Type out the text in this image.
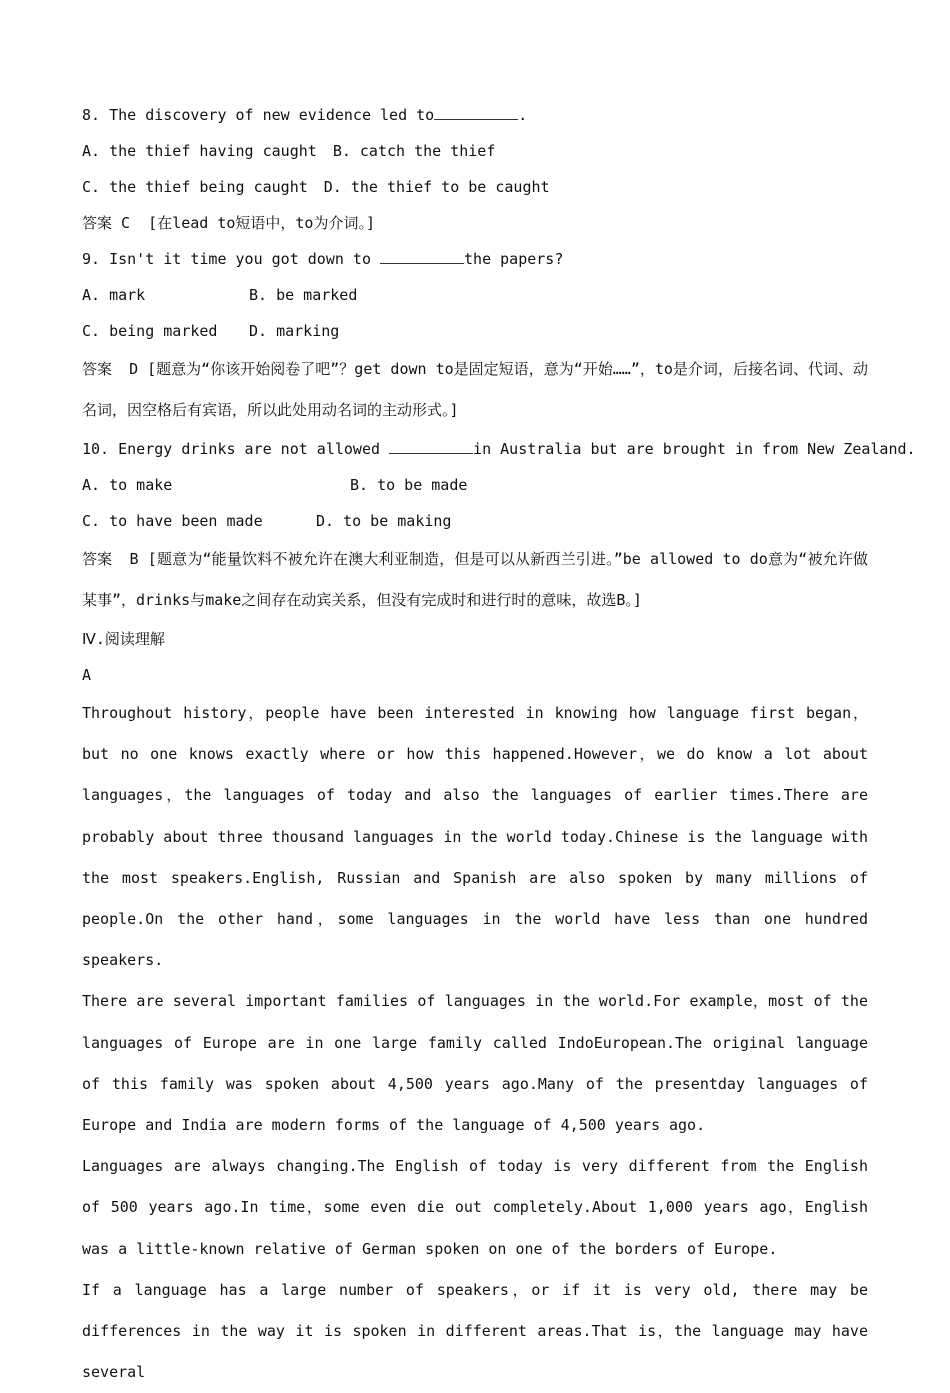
8. The discovery of new evidence led to	.
A. the thief having caught B. catch the thief
C. the thief being caught D. the thief to be caught
答案 C  [在lead to短语中，to为介词。]
9. Isn't it time you got down to	the papers?
A. mark	B. be marked
C. being marked D. marking
答案 D [题意为“你该开始阅卷了吧”？get down to是固定短语，意为“开始……”，to是介词，后接名词、代词、动名词，因空格后有宾语，所以此处用动名词的主动形式。]
10. Energy drinks are not allowed	in Australia but are brought in from New Zealand.
A. to make	B. to be made
C. to have been made	D. to be making
答案 B [题意为“能量饮料不被允许在澳大利亚制造，但是可以从新西兰引进。”be allowed to do意为“被允许做某事”，drinks与make之间存在动宾关系，但没有完成时和进行时的意味，故选B。]
Ⅳ.阅读理解
A
Throughout history，people have been interested in knowing how language first began，but no one knows exactly where or how this happened.However，we do know a lot about languages，the languages of today and also the languages of earlier times.There are probably about three thousand languages in the world today.Chinese is the language with the most speakers.English, Russian and Spanish are also spoken by many millions of people.On the other hand，some languages in the world have less than one hundred speakers.
There are several important families of languages in the world.For example，most of the languages of Europe are in one large family called IndoEuropean.The original language of this family was spoken about 4,500 years ago.Many of the presentday languages of Europe and India are modern forms of the language of 4,500 years ago.
Languages are always changing.The English of today is very different from the English of 500 years ago.In time，some even die out completely.About 1,000 years ago，English was a little-known relative of German spoken on one of the borders of Europe.
If a language has a large number of speakers，or if it is very old, there may be differences in the way it is spoken in different areas.That is，the language may have several
